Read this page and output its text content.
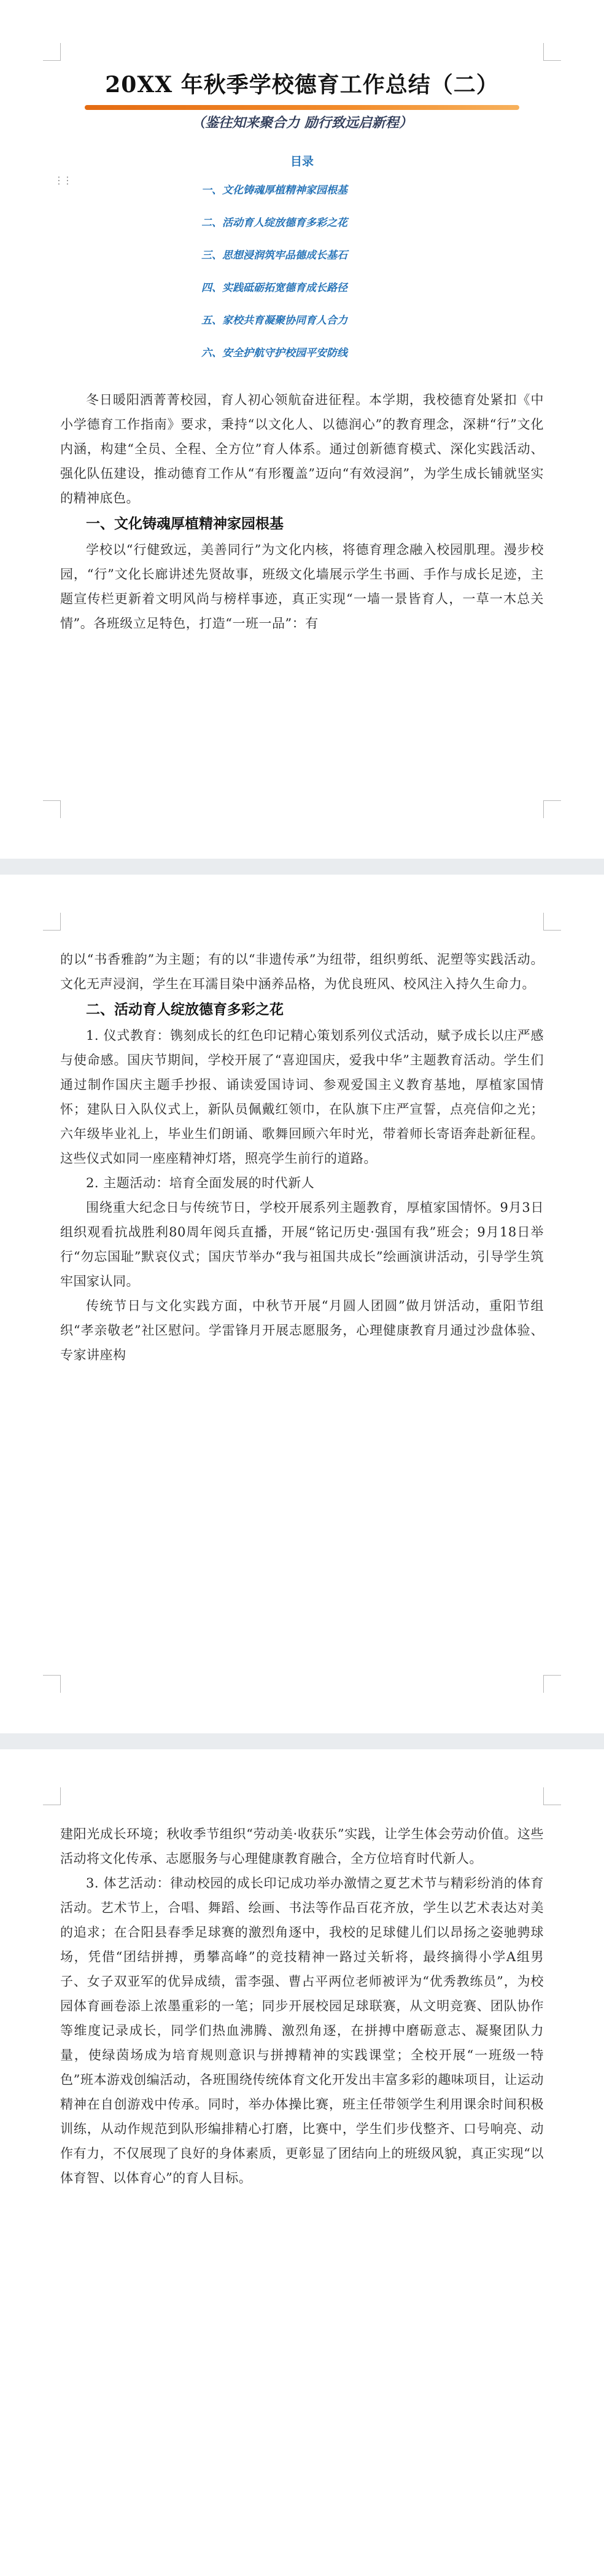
⋮⋮
20XX 年秋季学校德育工作总结（二）
（鉴往知来聚合力 励行致远启新程）
目录
一、文化铸魂厚植精神家园根基
二、活动育人绽放德育多彩之花
三、思想浸润筑牢品德成长基石
四、实践砥砺拓宽德育成长路径
五、家校共育凝聚协同育人合力
六、安全护航守护校园平安防线

冬日暖阳洒菁菁校园，育人初心领航奋进征程。本学期，我校德育处紧扣《中小学德育工作指南》要求，秉持“以文化人、以德润心”的教育理念，深耕“行”文化内涵，构建“全员、全程、全方位”育人体系。通过创新德育模式、深化实践活动、强化队伍建设，推动德育工作从“有形覆盖”迈向“有效浸润”，为学生成长铺就坚实的精神底色。

一、文化铸魂厚植精神家园根基

学校以“行健致远，美善同行”为文化内核，将德育理念融入校园肌理。漫步校园，“行”文化长廊讲述先贤故事，班级文化墙展示学生书画、手作与成长足迹，主题宣传栏更新着文明风尚与榜样事迹，真正实现“一墙一景皆育人，一草一木总关情”。各班级立足特色，打造“一班一品”：有

的以“书香雅韵”为主题；有的以“非遗传承”为纽带，组织剪纸、泥塑等实践活动。文化无声浸润，学生在耳濡目染中涵养品格，为优良班风、校风注入持久生命力。

二、活动育人绽放德育多彩之花

1. 仪式教育：镌刻成长的红色印记精心策划系列仪式活动，赋予成长以庄严感与使命感。国庆节期间，学校开展了“喜迎国庆，爱我中华”主题教育活动。学生们通过制作国庆主题手抄报、诵读爱国诗词、参观爱国主义教育基地，厚植家国情怀；建队日入队仪式上，新队员佩戴红领巾，在队旗下庄严宣誓，点亮信仰之光；六年级毕业礼上，毕业生们朗诵、歌舞回顾六年时光，带着师长寄语奔赴新征程。这些仪式如同一座座精神灯塔，照亮学生前行的道路。

2. 主题活动：培育全面发展的时代新人

围绕重大纪念日与传统节日，学校开展系列主题教育，厚植家国情怀。9月3日组织观看抗战胜利80周年阅兵直播，开展“铭记历史·强国有我”班会；9月18日举行“勿忘国耻”默哀仪式；国庆节举办“我与祖国共成长”绘画演讲活动，引导学生筑牢国家认同。

传统节日与文化实践方面，中秋节开展“月圆人团圆”做月饼活动，重阳节组织“孝亲敬老”社区慰问。学雷锋月开展志愿服务，心理健康教育月通过沙盘体验、专家讲座构

建阳光成长环境；秋收季节组织“劳动美·收获乐”实践，让学生体会劳动价值。这些活动将文化传承、志愿服务与心理健康教育融合，全方位培育时代新人。

3. 体艺活动：律动校园的成长印记成功举办激情之夏艺术节与精彩纷消的体育活动。艺术节上，合唱、舞蹈、绘画、书法等作品百花齐放，学生以艺术表达对美的追求；在合阳县春季足球赛的激烈角逐中，我校的足球健儿们以昂扬之姿驰骋球场，凭借“团结拼搏，勇攀高峰”的竞技精神一路过关斩将，最终摘得小学A组男子、女子双亚军的优异成绩，雷李强、曹占平两位老师被评为“优秀教练员”，为校园体育画卷添上浓墨重彩的一笔；同步开展校园足球联赛，从文明竞赛、团队协作等维度记录成长，同学们热血沸腾、激烈角逐，在拼搏中磨砺意志、凝聚团队力量，使绿茵场成为培育规则意识与拼搏精神的实践课堂；全校开展“一班级一特色”班本游戏创编活动，各班围绕传统体育文化开发出丰富多彩的趣味项目，让运动精神在自创游戏中传承。同时，举办体操比赛，班主任带领学生利用课余时间积极训练，从动作规范到队形编排精心打磨，比赛中，学生们步伐整齐、口号响亮、动作有力，不仅展现了良好的身体素质，更彰显了团结向上的班级风貌，真正实现“以体育智、以体育心”的育人目标。
